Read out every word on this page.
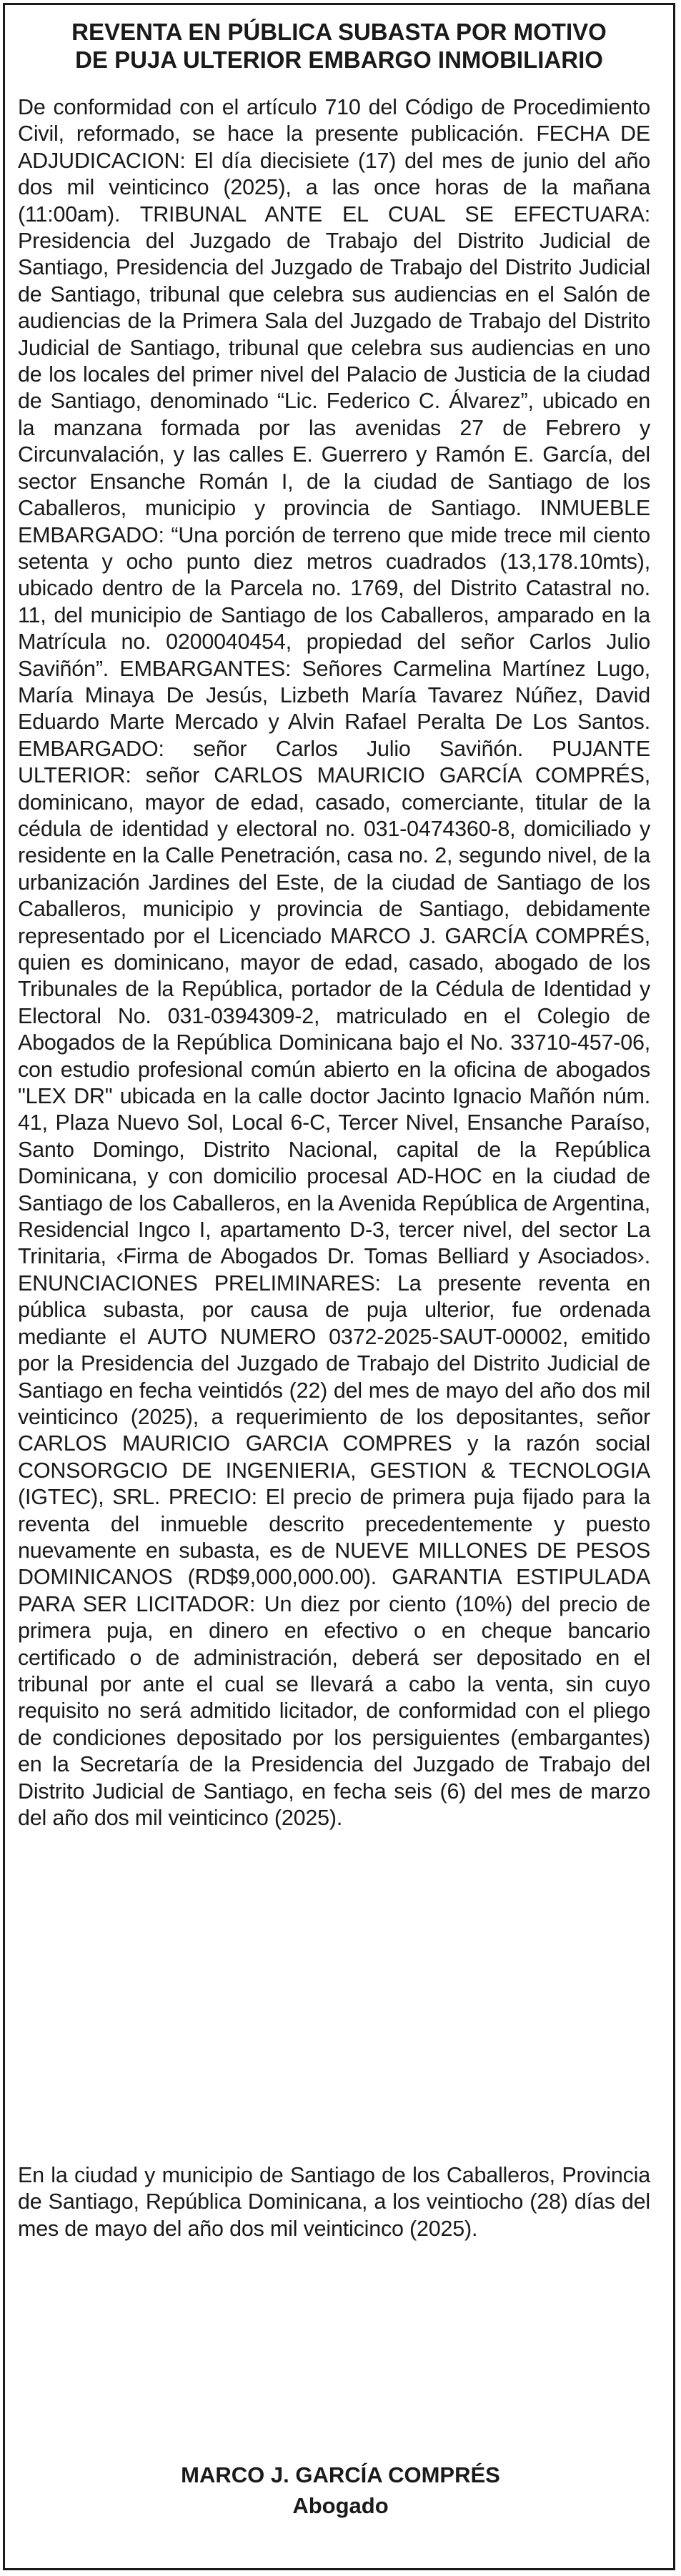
REVENTA EN PÚBLICA SUBASTA POR MOTIVO
DE PUJA ULTERIOR EMBARGO INMOBILIARIO
De conformidad con el artículo 710 del Código de Procedimiento Civil, reformado, se hace la presente publicación. FECHA DE ADJUDICACION: El día diecisiete (17) del mes de junio del año dos mil veinticinco (2025), a las once horas de la mañana (11:00am). TRIBUNAL ANTE EL CUAL SE EFECTUARA: Presidencia del Juzgado de Trabajo del Distrito Judicial de Santiago, Presidencia del Juzgado de Trabajo del Distrito Judicial de Santiago, tribunal que celebra sus audiencias en el Salón de audiencias de la Primera Sala del Juzgado de Trabajo del Distrito Judicial de Santiago, tribunal que celebra sus audiencias en uno de los locales del primer nivel del Palacio de Justicia de la ciudad de Santiago, denominado “Lic. Federico C. Álvarez”, ubicado en la manzana formada por las avenidas 27 de Febrero y Circunvalación, y las calles E. Guerrero y Ramón E. García, del sector Ensanche Román I, de la ciudad de Santiago de los Caballeros, municipio y provincia de Santiago. INMUEBLE EMBARGADO: “Una porción de terreno que mide trece mil ciento setenta y ocho punto diez metros cuadrados (13,178.10mts), ubicado dentro de la Parcela no. 1769, del Distrito Catastral no. 11, del municipio de Santiago de los Caballeros, amparado en la Matrícula no. 0200040454, propiedad del señor Carlos Julio Saviñón”. EMBARGANTES: Señores Carmelina Martínez Lugo, María Minaya De Jesús, Lizbeth María Tavarez Núñez, David Eduardo Marte Mercado y Alvin Rafael Peralta De Los Santos. EMBARGADO: señor Carlos Julio Saviñón. PUJANTE ULTERIOR: señor CARLOS MAURICIO GARCÍA COMPRÉS, dominicano, mayor de edad, casado, comerciante, titular de la cédula de identidad y electoral no. 031-0474360-8, domiciliado y residente en la Calle Penetración, casa no. 2, segundo nivel, de la urbanización Jardines del Este, de la ciudad de Santiago de los Caballeros, municipio y provincia de Santiago, debidamente representado por el Licenciado MARCO J. GARCÍA COMPRÉS, quien es dominicano, mayor de edad, casado, abogado de los Tribunales de la República, portador de la Cédula de Identidad y Electoral No. 031-0394309-2, matriculado en el Colegio de Abogados de la República Dominicana bajo el No. 33710-457-06, con estudio profesional común abierto en la oficina de abogados "LEX DR" ubicada en la calle doctor Jacinto Ignacio Mañón núm. 41, Plaza Nuevo Sol, Local 6-C, Tercer Nivel, Ensanche Paraíso, Santo Domingo, Distrito Nacional, capital de la República Dominicana, y con domicilio procesal AD-HOC en la ciudad de Santiago de los Caballeros, en la Avenida República de Argentina, Residencial Ingco I, apartamento D-3, tercer nivel, del sector La Trinitaria, ‹Firma de Abogados Dr. Tomas Belliard y Asociados›. ENUNCIACIONES PRELIMINARES: La presente reventa en pública subasta, por causa de puja ulterior, fue ordenada mediante el AUTO NUMERO 0372-2025-SAUT-00002, emitido por la Presidencia del Juzgado de Trabajo del Distrito Judicial de Santiago en fecha veintidós (22) del mes de mayo del año dos mil veinticinco (2025), a requerimiento de los depositantes, señor CARLOS MAURICIO GARCIA COMPRES y la razón social CONSORGCIO DE INGENIERIA, GESTION & TECNOLOGIA (IGTEC), SRL. PRECIO: El precio de primera puja fijado para la reventa del inmueble descrito precedentemente y puesto nuevamente en subasta, es de NUEVE MILLONES DE PESOS DOMINICANOS (RD$9,000,000.00). GARANTIA ESTIPULADA PARA SER LICITADOR: Un diez por ciento (10%) del precio de primera puja, en dinero en efectivo o en cheque bancario certificado o de administración, deberá ser depositado en el tribunal por ante el cual se llevará a cabo la venta, sin cuyo requisito no será admitido licitador, de conformidad con el pliego de condiciones depositado por los persiguientes (embargantes) en la Secretaría de la Presidencia del Juzgado de Trabajo del Distrito Judicial de Santiago, en fecha seis (6) del mes de marzo del año dos mil veinticinco (2025).
En la ciudad y municipio de Santiago de los Caballeros, Provincia de Santiago, República Dominicana, a los veintiocho (28) días del mes de mayo del año dos mil veinticinco (2025).
MARCO J. GARCÍA COMPRÉS
Abogado
